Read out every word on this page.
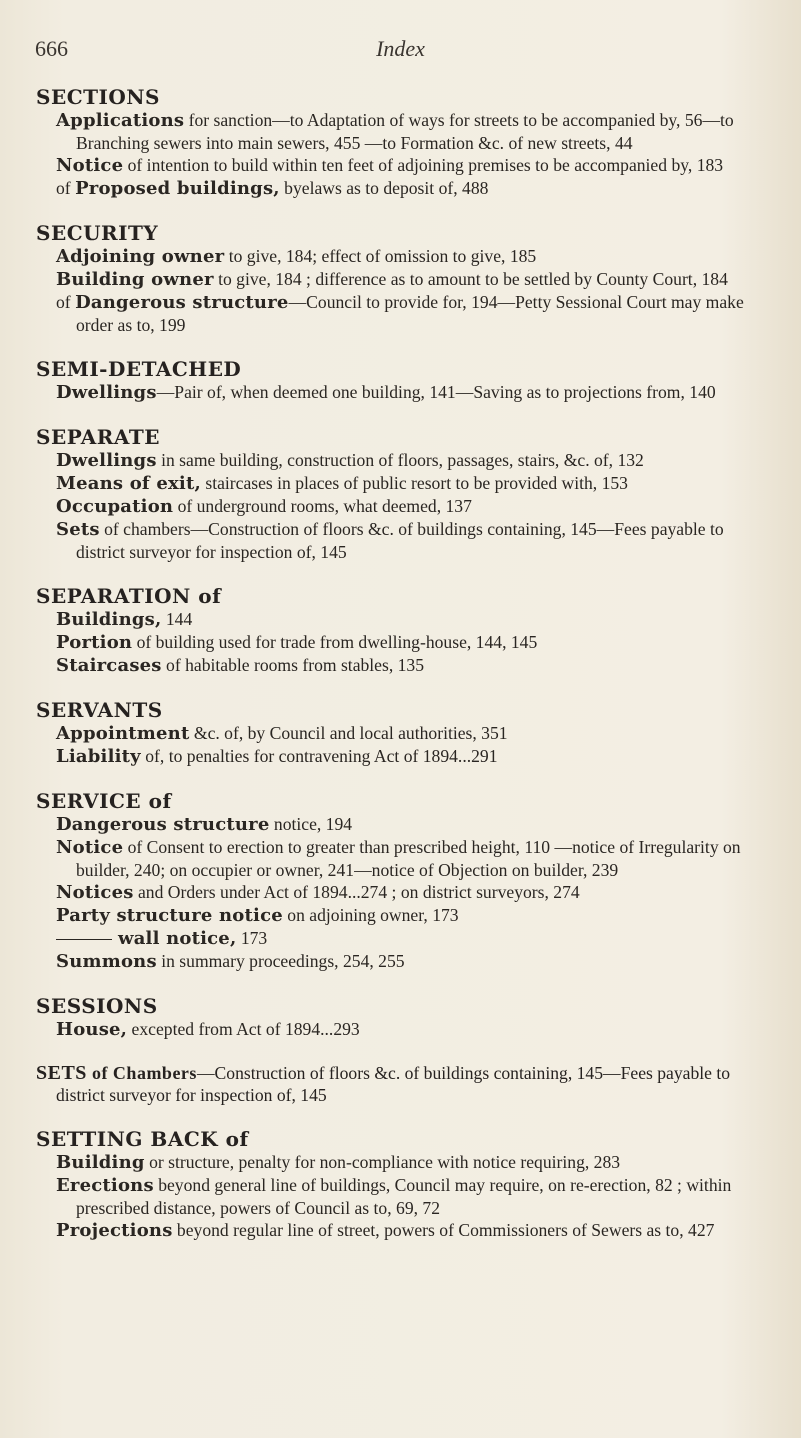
666	Index
SECTIONS
Applications for sanction—to Adaptation of ways for streets to be accompanied by, 56—to Branching sewers into main sewers, 455 —to Formation &c. of new streets, 44
Notice of intention to build within ten feet of adjoining premises to be accompanied by, 183
of Proposed buildings, byelaws as to deposit of, 488
SECURITY
Adjoining owner to give, 184; effect of omission to give, 185
Building owner to give, 184 ; difference as to amount to be settled by County Court, 184
of Dangerous structure—Council to provide for, 194—Petty Sessional Court may make order as to, 199
SEMI-DETACHED
Dwellings—Pair of, when deemed one building, 141—Saving as to projections from, 140
SEPARATE
Dwellings in same building, construction of floors, passages, stairs, &c. of, 132
Means of exit, staircases in places of public resort to be provided with, 153
Occupation of underground rooms, what deemed, 137
Sets of chambers—Construction of floors &c. of buildings containing, 145—Fees payable to district surveyor for inspection of, 145
SEPARATION of
Buildings, 144
Portion of building used for trade from dwelling-house, 144, 145
Staircases of habitable rooms from stables, 135
SERVANTS
Appointment &c. of, by Council and local authorities, 351
Liability of, to penalties for contravening Act of 1894...291
SERVICE of
Dangerous structure notice, 194
Notice of Consent to erection to greater than prescribed height, 110 —notice of Irregularity on builder, 240; on occupier or owner, 241—notice of Objection on builder, 239
Notices and Orders under Act of 1894...274 ; on district surveyors, 274
Party structure notice on adjoining owner, 173
wall notice, 173
Summons in summary proceedings, 254, 255
SESSIONS
House, excepted from Act of 1894...293
SETS of Chambers—Construction of floors &c. of buildings containing, 145—Fees payable to district surveyor for inspection of, 145
SETTING BACK of
Building or structure, penalty for non-compliance with notice requiring, 283
Erections beyond general line of buildings, Council may require, on re-erection, 82 ; within prescribed distance, powers of Council as to, 69, 72
Projections beyond regular line of street, powers of Commissioners of Sewers as to, 427
